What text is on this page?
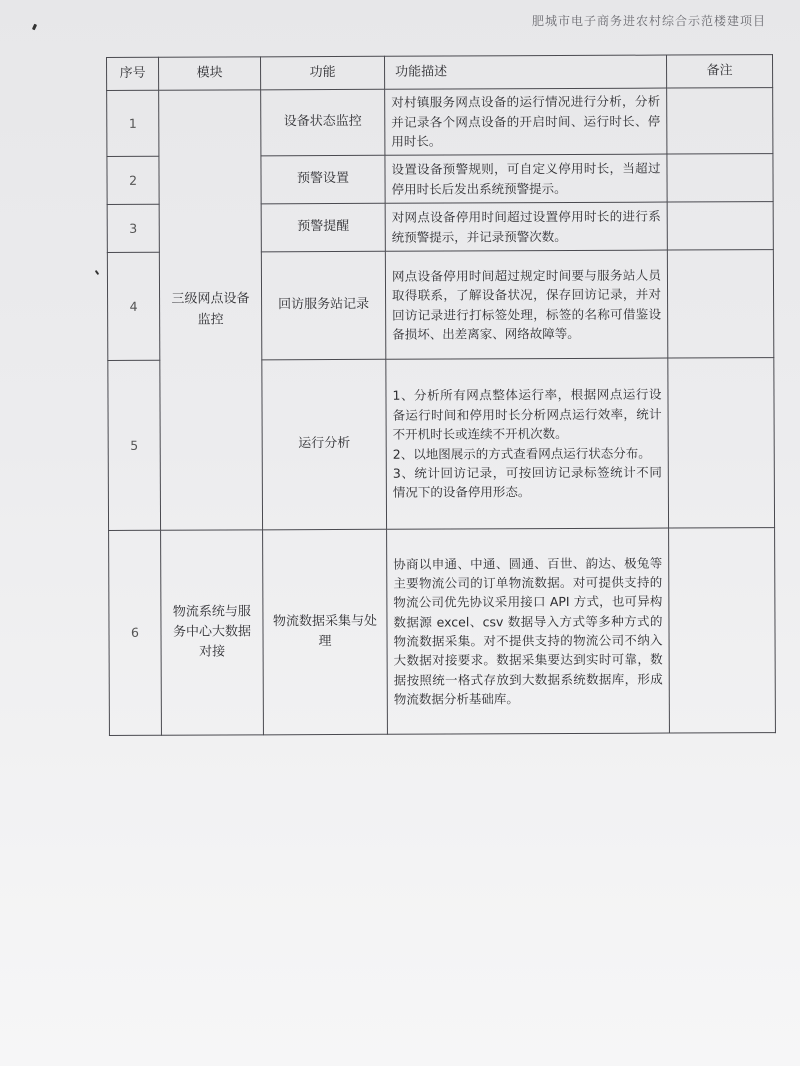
肥城市电子商务进农村综合示范楼建项目
序号	模块	功能	功能描述	备注
1	三级网点设备监控	设备状态监控	对村镇服务网点设备的运行情况进行分析，分析并记录各个网点设备的开启时间、运行时长、停用时长。	

2		预警设置	设置设备预警规则，可自定义停用时长，当超过停用时长后发出系统预警提示。	

3		预警提醒	对网点设备停用时间超过设置停用时长的进行系统预警提示，并记录预警次数。	

4		回访服务站记录	网点设备停用时间超过规定时间要与服务站人员取得联系，了解设备状况，保存回访记录，并对回访记录进行打标签处理，标签的名称可借鉴设备损坏、出差离家、网络故障等。	

5		运行分析	1、分析所有网点整体运行率，根据网点运行设备运行时间和停用时长分析网点运行效率，统计不开机时长或连续不开机次数。
2、以地图展示的方式查看网点运行状态分布。
3、统计回访记录，可按回访记录标签统计不同情况下的设备停用形态。	

6	物流系统与服务中心大数据对接	物流数据采集与处理	协商以申通、中通、圆通、百世、韵达、极兔等主要物流公司的订单物流数据。对可提供支持的物流公司优先协议采用接口 API 方式，也可异构数据源 excel、csv 数据导入方式等多种方式的物流数据采集。对不提供支持的物流公司不纳入大数据对接要求。数据采集要达到实时可靠，数据按照统一格式存放到大数据系统数据库，形成物流数据分析基础库。	
